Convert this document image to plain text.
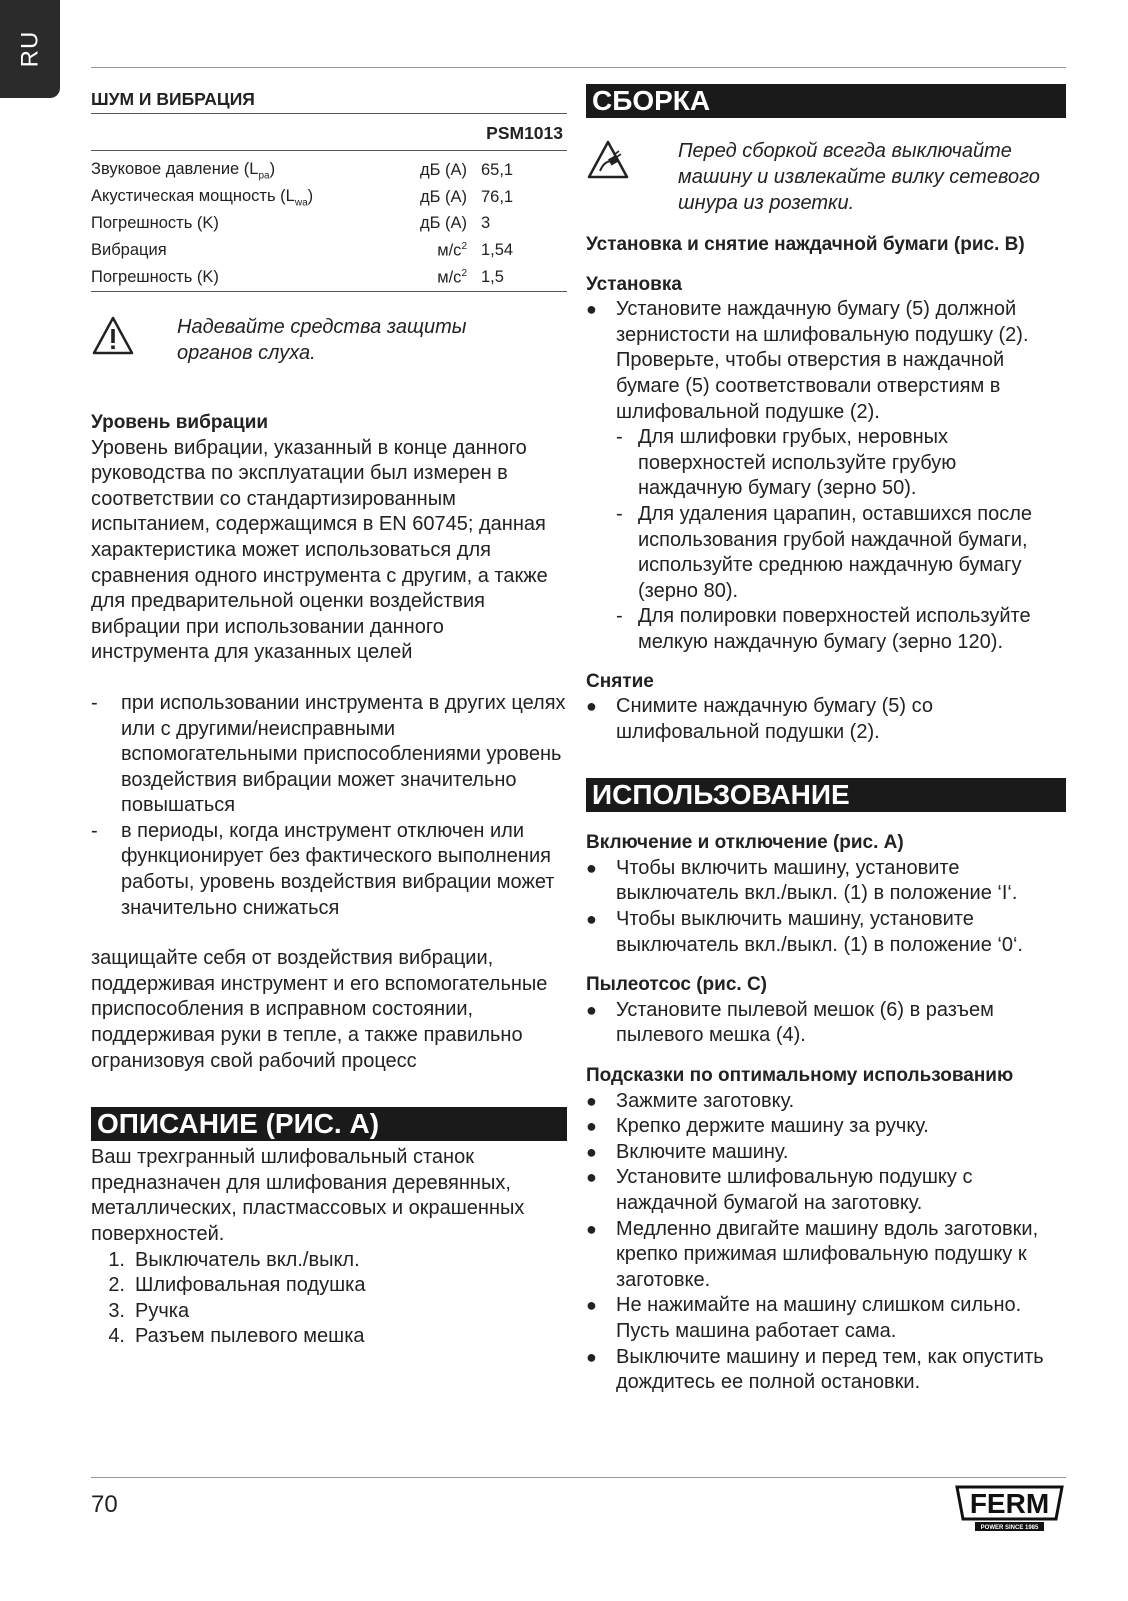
RU
ШУМ И ВИБРАЦИЯ
PSM1013
Звуковое давление $(L_{pa})$	дБ (А)	65,1
Акустическая мощность $(L_{wa})$	дБ (А)	76,1
Погрешность (K)	дБ (А)	3
Вибрация	$м/с^2$	1,54
Погрешность (K)	$м/с^2$	1,5
Надевайте средства защиты органов слуха.
Уровень вибрации
Уровень вибрации, указанный в конце данного руководства по эксплуатации был измерен в соответствии со стандартизированным испытанием, содержащимся в EN 60745; данная характеристика может использоваться для сравнения одного инструмента с другим, а также для предварительной оценки воздействия вибрации при использовании данного инструмента для указанных целей
-	при использовании инструмента в других целях или с другими/неисправными вспомогательными приспособлениями уровень воздействия вибрации может значительно повышаться
-	в периоды, когда инструмент отключен или функционирует без фактического выполнения работы, уровень воздействия вибрации может значительно снижаться
защищайте себя от воздействия вибрации, поддерживая инструмент и его вспомогательные приспособления в исправном состоянии, поддерживая руки в тепле, а также правильно огранизовуя свой рабочий процесс
ОПИСАНИЕ (РИС. A)
Ваш трехгранный шлифовальный станок предназначен для шлифования деревянных, металлических, пластмассовых и окрашенных поверхностей.
1. Выключатель вкл./выкл.
2. Шлифовальная подушка
3. Ручка
4. Разъем пылевого мешка
СБОРКА
Перед сборкой всегда выключайте машину и извлекайте вилку сетевого шнура из розетки.
Установка и снятие наждачной бумаги (рис. B)
Установка
● Установите наждачную бумагу (5) должной зернистости на шлифовальную подушку (2). Проверьте, чтобы отверстия в наждачной бумаге (5) соответствовали отверстиям в шлифовальной подушке (2).
- Для шлифовки грубых, неровных поверхностей используйте грубую наждачную бумагу (зерно 50).
- Для удаления царапин, оставшихся после использования грубой наждачной бумаги, используйте среднюю наждачную бумагу (зерно 80).
- Для полировки поверхностей используйте мелкую наждачную бумагу (зерно 120).
Снятие
● Снимите наждачную бумагу (5) со шлифовальной подушки (2).
ИСПОЛЬЗОВАНИЕ
Включение и отключение (рис. A)
● Чтобы включить машину, установите выключатель вкл./выкл. (1) в положение ‘I‘.
● Чтобы выключить машину, установите выключатель вкл./выкл. (1) в положение ‘0‘.
Пылеотсос (рис. C)
● Установите пылевой мешок (6) в разъем пылевого мешка (4).
Подсказки по оптимальному использованию
● Зажмите заготовку.
● Крепко держите машину за ручку.
● Включите машину.
● Установите шлифовальную подушку с наждачной бумагой на заготовку.
● Медленно двигайте машину вдоль заготовки, крепко прижимая шлифовальную подушку к заготовке.
● Не нажимайте на машину слишком сильно. Пусть машина работает сама.
● Выключите машину и перед тем, как опустить дождитесь ее полной остановки.
70	FERM
POWER SINCE 1985
